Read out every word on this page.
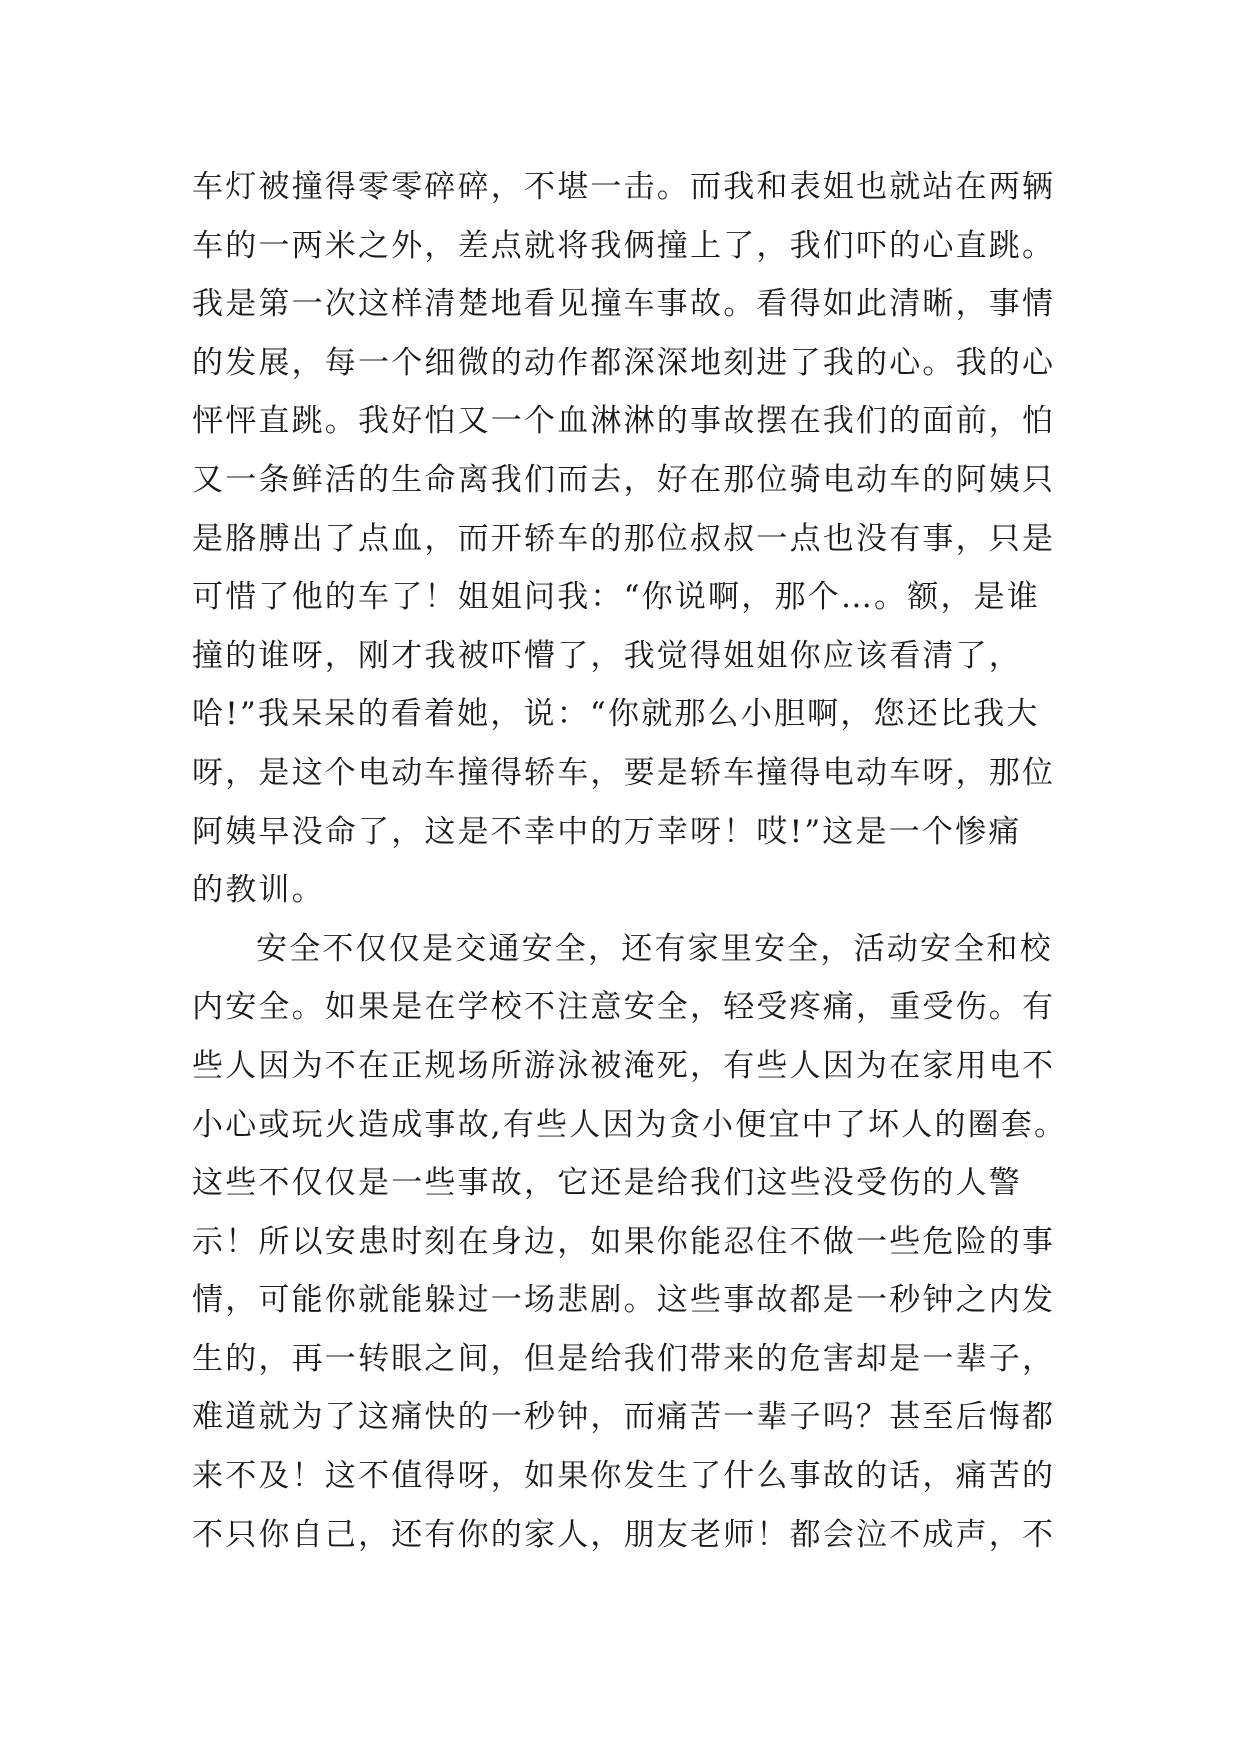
车灯被撞得零零碎碎，不堪一击。而我和表姐也就站在两辆
车的一两米之外，差点就将我俩撞上了，我们吓的心直跳。
我是第一次这样清楚地看见撞车事故。看得如此清晰，事情
的发展，每一个细微的动作都深深地刻进了我的心。我的心
怦怦直跳。我好怕又一个血淋淋的事故摆在我们的面前，怕
又一条鲜活的生命离我们而去，好在那位骑电动车的阿姨只
是胳膊出了点血，而开轿车的那位叔叔一点也没有事，只是
可惜了他的车了！姐姐问我：“你说啊，那个…。额，是谁
撞的谁呀，刚才我被吓懵了，我觉得姐姐你应该看清了，
哈!”我呆呆的看着她，说：“你就那么小胆啊，您还比我大
呀，是这个电动车撞得轿车，要是轿车撞得电动车呀，那位
阿姨早没命了，这是不幸中的万幸呀！哎!”这是一个惨痛
的教训。
安全不仅仅是交通安全，还有家里安全，活动安全和校
内安全。如果是在学校不注意安全，轻受疼痛，重受伤。有
些人因为不在正规场所游泳被淹死，有些人因为在家用电不
小心或玩火造成事故,有些人因为贪小便宜中了坏人的圈套。
这些不仅仅是一些事故，它还是给我们这些没受伤的人警
示！所以安患时刻在身边，如果你能忍住不做一些危险的事
情，可能你就能躲过一场悲剧。这些事故都是一秒钟之内发
生的，再一转眼之间，但是给我们带来的危害却是一辈子，
难道就为了这痛快的一秒钟，而痛苦一辈子吗？甚至后悔都
来不及！这不值得呀，如果你发生了什么事故的话，痛苦的
不只你自己，还有你的家人，朋友老师！都会泣不成声，不
